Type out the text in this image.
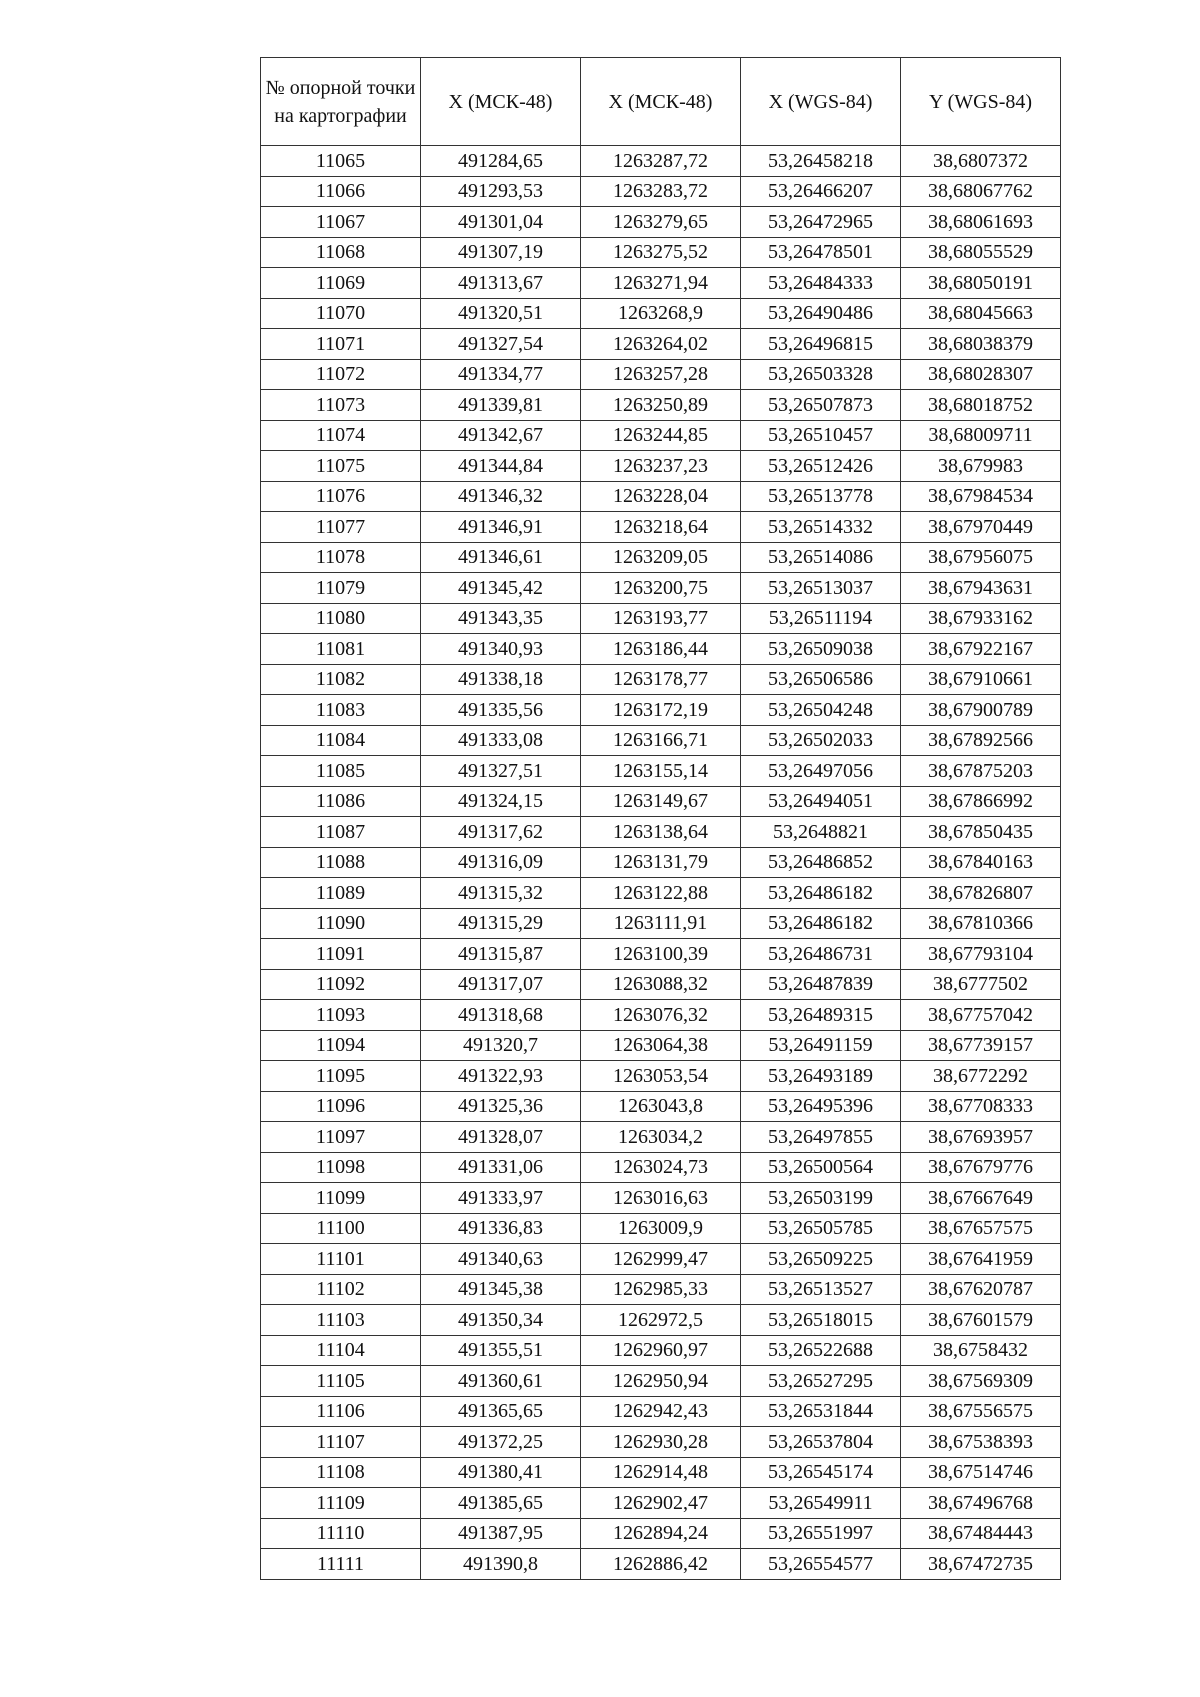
№ опорной точки на картографии	X (МСК-48)	X (МСК-48)	X (WGS-84)	Y (WGS-84)
11065	491284,65	1263287,72	53,26458218	38,6807372
11066	491293,53	1263283,72	53,26466207	38,68067762
11067	491301,04	1263279,65	53,26472965	38,68061693
11068	491307,19	1263275,52	53,26478501	38,68055529
11069	491313,67	1263271,94	53,26484333	38,68050191
11070	491320,51	1263268,9	53,26490486	38,68045663
11071	491327,54	1263264,02	53,26496815	38,68038379
11072	491334,77	1263257,28	53,26503328	38,68028307
11073	491339,81	1263250,89	53,26507873	38,68018752
11074	491342,67	1263244,85	53,26510457	38,68009711
11075	491344,84	1263237,23	53,26512426	38,679983
11076	491346,32	1263228,04	53,26513778	38,67984534
11077	491346,91	1263218,64	53,26514332	38,67970449
11078	491346,61	1263209,05	53,26514086	38,67956075
11079	491345,42	1263200,75	53,26513037	38,67943631
11080	491343,35	1263193,77	53,26511194	38,67933162
11081	491340,93	1263186,44	53,26509038	38,67922167
11082	491338,18	1263178,77	53,26506586	38,67910661
11083	491335,56	1263172,19	53,26504248	38,67900789
11084	491333,08	1263166,71	53,26502033	38,67892566
11085	491327,51	1263155,14	53,26497056	38,67875203
11086	491324,15	1263149,67	53,26494051	38,67866992
11087	491317,62	1263138,64	53,2648821	38,67850435
11088	491316,09	1263131,79	53,26486852	38,67840163
11089	491315,32	1263122,88	53,26486182	38,67826807
11090	491315,29	1263111,91	53,26486182	38,67810366
11091	491315,87	1263100,39	53,26486731	38,67793104
11092	491317,07	1263088,32	53,26487839	38,6777502
11093	491318,68	1263076,32	53,26489315	38,67757042
11094	491320,7	1263064,38	53,26491159	38,67739157
11095	491322,93	1263053,54	53,26493189	38,6772292
11096	491325,36	1263043,8	53,26495396	38,67708333
11097	491328,07	1263034,2	53,26497855	38,67693957
11098	491331,06	1263024,73	53,26500564	38,67679776
11099	491333,97	1263016,63	53,26503199	38,67667649
11100	491336,83	1263009,9	53,26505785	38,67657575
11101	491340,63	1262999,47	53,26509225	38,67641959
11102	491345,38	1262985,33	53,26513527	38,67620787
11103	491350,34	1262972,5	53,26518015	38,67601579
11104	491355,51	1262960,97	53,26522688	38,6758432
11105	491360,61	1262950,94	53,26527295	38,67569309
11106	491365,65	1262942,43	53,26531844	38,67556575
11107	491372,25	1262930,28	53,26537804	38,67538393
11108	491380,41	1262914,48	53,26545174	38,67514746
11109	491385,65	1262902,47	53,26549911	38,67496768
11110	491387,95	1262894,24	53,26551997	38,67484443
11111	491390,8	1262886,42	53,26554577	38,67472735
